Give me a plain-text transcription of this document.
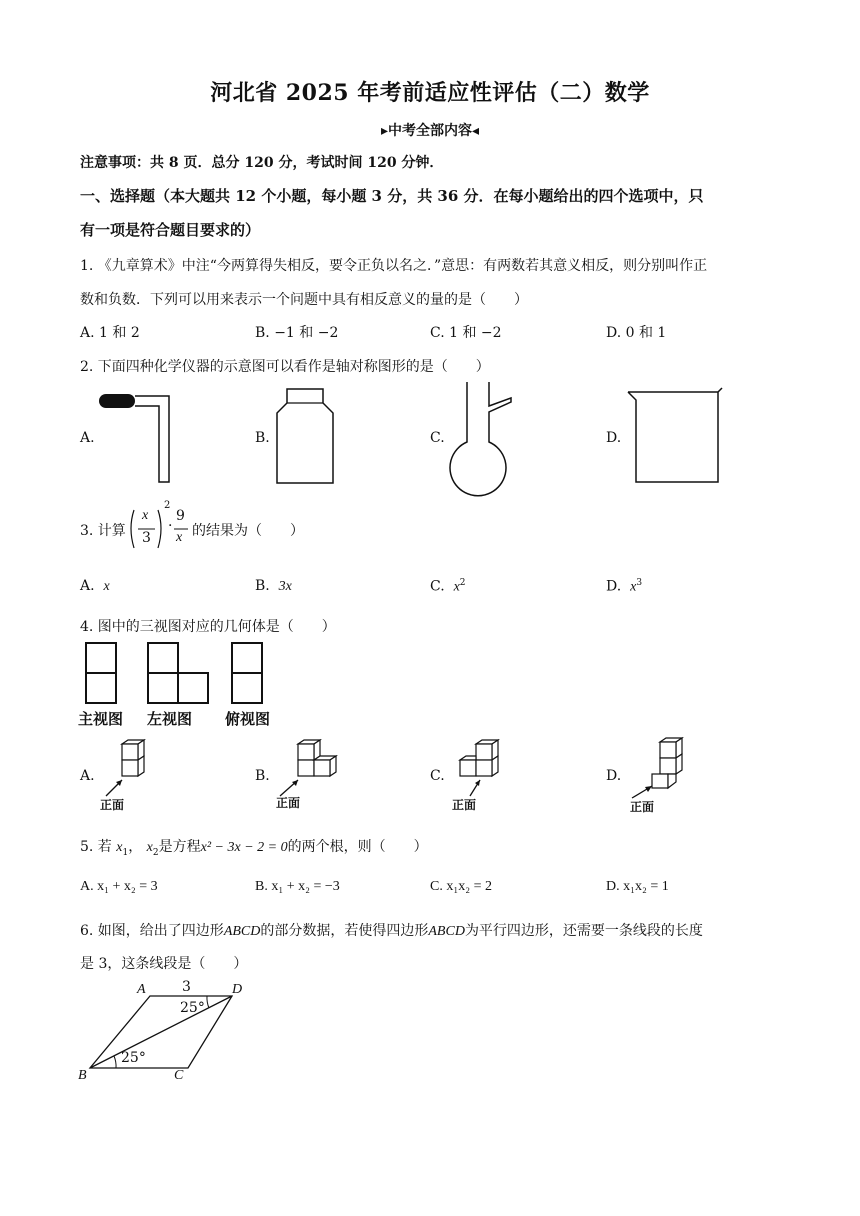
河北省 2025 年考前适应性评估（二）数学
▸中考全部内容◂
注意事项：共 8 页．总分 120 分，考试时间 120 分钟．
一、选择题（本大题共 12 个小题，每小题 3 分，共 36 分．在每小题给出的四个选项中，只
有一项是符合题目要求的）
1. 《九章算术》中注“今两算得失相反，要令正负以名之．”意思：有两数若其意义相反，则分别叫作正
数和负数．下列可以用来表示一个问题中具有相反意义的量的是（　　）
A. 1 和 2	B. −1 和 −2	C. 1 和 −2	D. 0 和 1
2. 下面四种化学仪器的示意图可以看作是轴对称图形的是（　　）
A.	B.	C.	D.
3. 计算
x
3
2
·
9
x 的结果为（　　）
A. x	B. 3x	C. $x^2$	D. $x^3$
4. 图中的三视图对应的几何体是（　　）
主视图 左视图 俯视图
A.	B.	C.	D.
正面	正面	正面	正面
5. 若 $x_1$， $x_2$是方程x² − 3x − 2 = 0的两个根，则（　　）
A. x₁ + x₂ = 3	B. x₁ + x₂ = −3	C. x₁x₂ = 2	D. x₁x₂ = 1
6. 如图，给出了四边形ABCD的部分数据，若使得四边形ABCD为平行四边形，还需要一条线段的长度
是 3，这条线段是（　　）
A	3	D
25°
25°
B	C
